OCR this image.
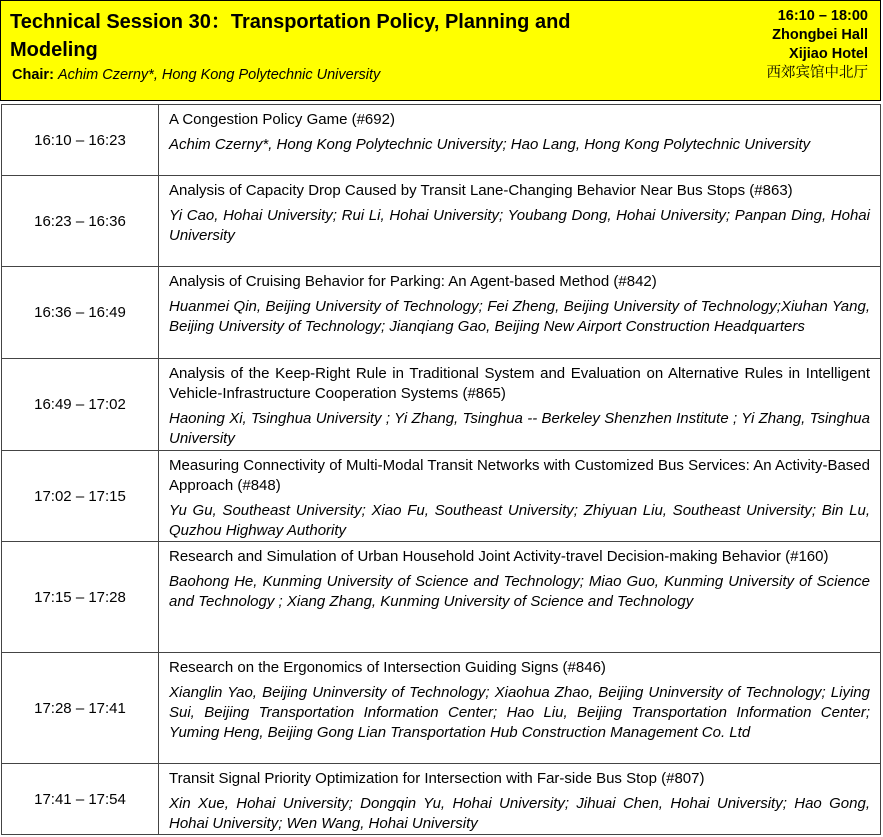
Technical Session 30：Transportation Policy, Planning and Modeling
Chair: Achim Czerny*, Hong Kong Polytechnic University
16:10 – 18:00
Zhongbei Hall
Xijiao Hotel
西郊宾馆中北厅
16:10 – 16:23	A Congestion Policy Game (#692)
Achim Czerny*, Hong Kong Polytechnic University; Hao Lang, Hong Kong Polytechnic University

16:23 – 16:36	Analysis of Capacity Drop Caused by Transit Lane-Changing Behavior Near Bus Stops (#863)
Yi Cao, Hohai University; Rui Li, Hohai University; Youbang Dong, Hohai University; Panpan Ding, Hohai University

16:36 – 16:49	Analysis of Cruising Behavior for Parking: An Agent-based Method (#842)
Huanmei Qin, Beijing University of Technology; Fei Zheng, Beijing University of Technology;Xiuhan Yang, Beijing University of Technology; Jianqiang Gao, Beijing New Airport Construction Headquarters

16:49 – 17:02	Analysis of the Keep-Right Rule in Traditional System and Evaluation on Alternative Rules in Intelligent Vehicle-Infrastructure Cooperation Systems (#865)
Haoning Xi, Tsinghua University ; Yi Zhang, Tsinghua -- Berkeley Shenzhen Institute ; Yi Zhang, Tsinghua University

17:02 – 17:15	Measuring Connectivity of Multi-Modal Transit Networks with Customized Bus Services: An Activity-Based Approach (#848)
Yu Gu, Southeast University; Xiao Fu, Southeast University; Zhiyuan Liu, Southeast University; Bin Lu, Quzhou Highway Authority

17:15 – 17:28	Research and Simulation of Urban Household Joint Activity-travel Decision-making Behavior (#160)
Baohong He, Kunming University of Science and Technology; Miao Guo, Kunming University of Science and Technology ; Xiang Zhang, Kunming University of Science and Technology

17:28 – 17:41	Research on the Ergonomics of Intersection Guiding Signs (#846)
Xianglin Yao, Beijing Uninversity of Technology; Xiaohua Zhao, Beijing Uninversity of Technology; Liying Sui, Beijing Transportation Information Center; Hao Liu, Beijing Transportation Information Center; Yuming Heng, Beijing Gong Lian Transportation Hub Construction Management Co. Ltd

17:41 – 17:54	Transit Signal Priority Optimization for Intersection with Far-side Bus Stop (#807)
Xin Xue, Hohai University; Dongqin Yu, Hohai University; Jihuai Chen, Hohai University; Hao Gong, Hohai University; Wen Wang, Hohai University
